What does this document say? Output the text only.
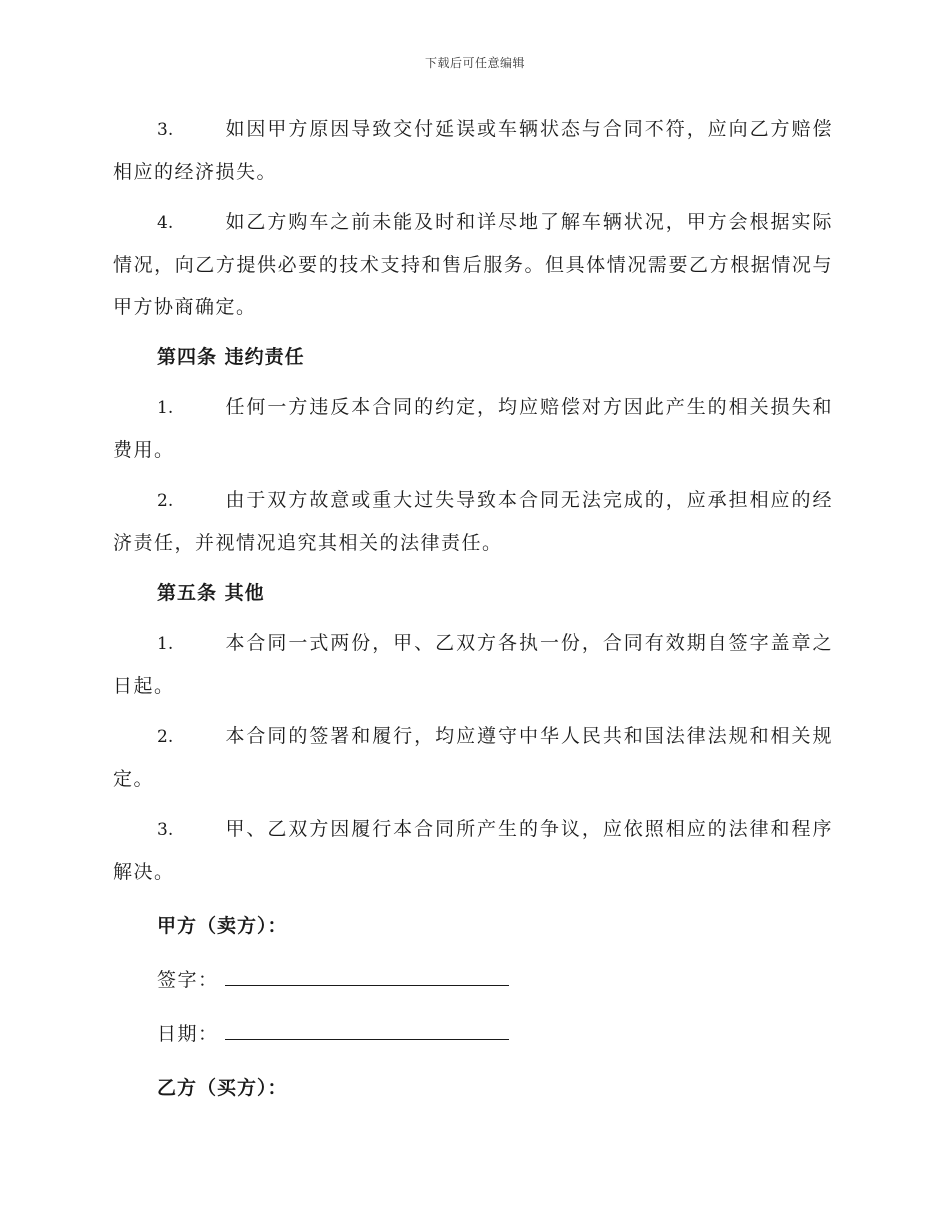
下载后可任意编辑

3.	如因甲方原因导致交付延误或车辆状态与合同不符，应向乙方赔偿相应的经济损失。

4.	如乙方购车之前未能及时和详尽地了解车辆状况，甲方会根据实际情况，向乙方提供必要的技术支持和售后服务。但具体情况需要乙方根据情况与甲方协商确定。

第四条 违约责任

1.	任何一方违反本合同的约定，均应赔偿对方因此产生的相关损失和费用。

2.	由于双方故意或重大过失导致本合同无法完成的，应承担相应的经济责任，并视情况追究其相关的法律责任。

第五条 其他

1.	本合同一式两份，甲、乙双方各执一份，合同有效期自签字盖章之日起。

2.	本合同的签署和履行，均应遵守中华人民共和国法律法规和相关规定。

3.	甲、乙双方因履行本合同所产生的争议，应依照相应的法律和程序解决。

甲方（卖方）：
签字：
日期：
乙方（买方）：
